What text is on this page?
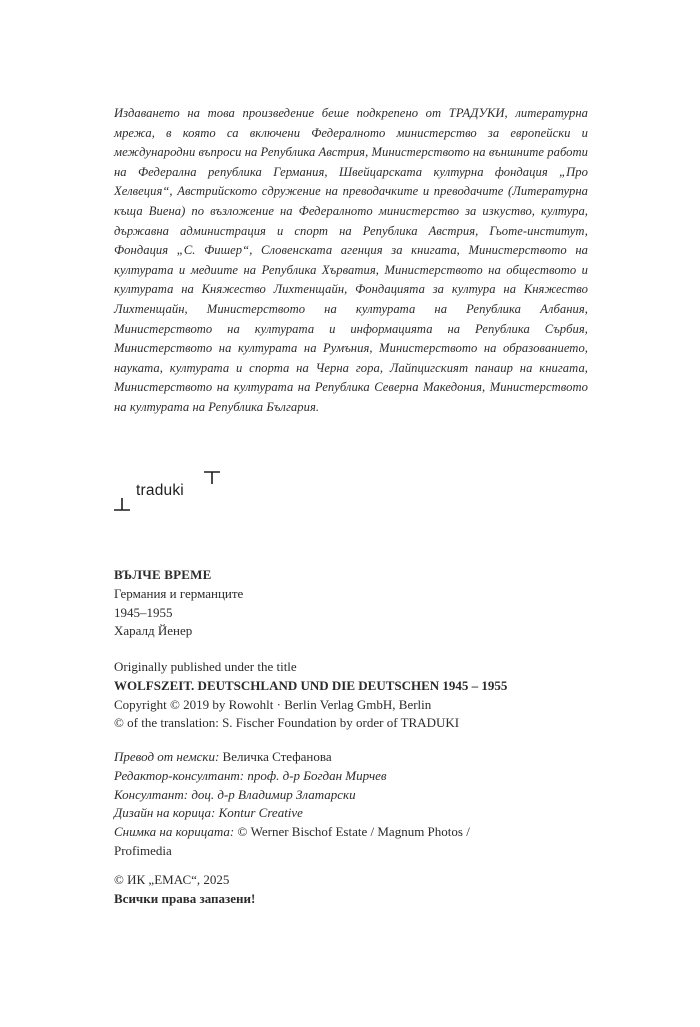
Издаването на това произведение беше подкрепено от ТРАДУКИ, литературна мрежа, в която са включени Федералното министерство за европейски и международни въпроси на Република Австрия, Министерството на външните работи на Федерална република Германия, Швейцарската културна фондация „Про Хелвеция“, Австрийското сдружение на преводачките и преводачите (Литературна къща Виена) по възложение на Федералното министерство за изкуство, култура, държавна администрация и спорт на Република Австрия, Гьоте-институт, Фондация „С. Фишер“, Словенската агенция за книгата, Министерството на културата и медиите на Република Хърватия, Министерството на обществото и културата на Княжество Лихтенщайн, Фондацията за култура на Княжество Лихтенщайн, Министерството на културата на Република Албания, Министерството на културата и информацията на Република Сърбия, Министерството на културата на Румъния, Министерството на образованието, науката, културата и спорта на Черна гора, Лайпцигският панаир на книгата, Министерството на културата на Република Северна Македония, Министерството на културата на Република България.

traduki
ВЪЛЧЕ ВРЕМЕ
Германия и германците
1945–1955
Харалд Йенер
Originally published under the title
WOLFSZEIT. DEUTSCHLAND UND DIE DEUTSCHEN 1945 – 1955
Copyright © 2019 by Rowohlt · Berlin Verlag GmbH, Berlin
© of the translation: S. Fischer Foundation by order of TRADUKI
Превод от немски: Величка Стефанова
Редактор-консултант: проф. д-р Богдан Мирчев
Консултант: доц. д-р Владимир Златарски
Дизайн на корица: Kontur Creative
Снимка на корицата: © Werner Bischof Estate / Magnum Photos /
Profimedia
© ИК „ЕМАС“, 2025
Всички права запазени!
